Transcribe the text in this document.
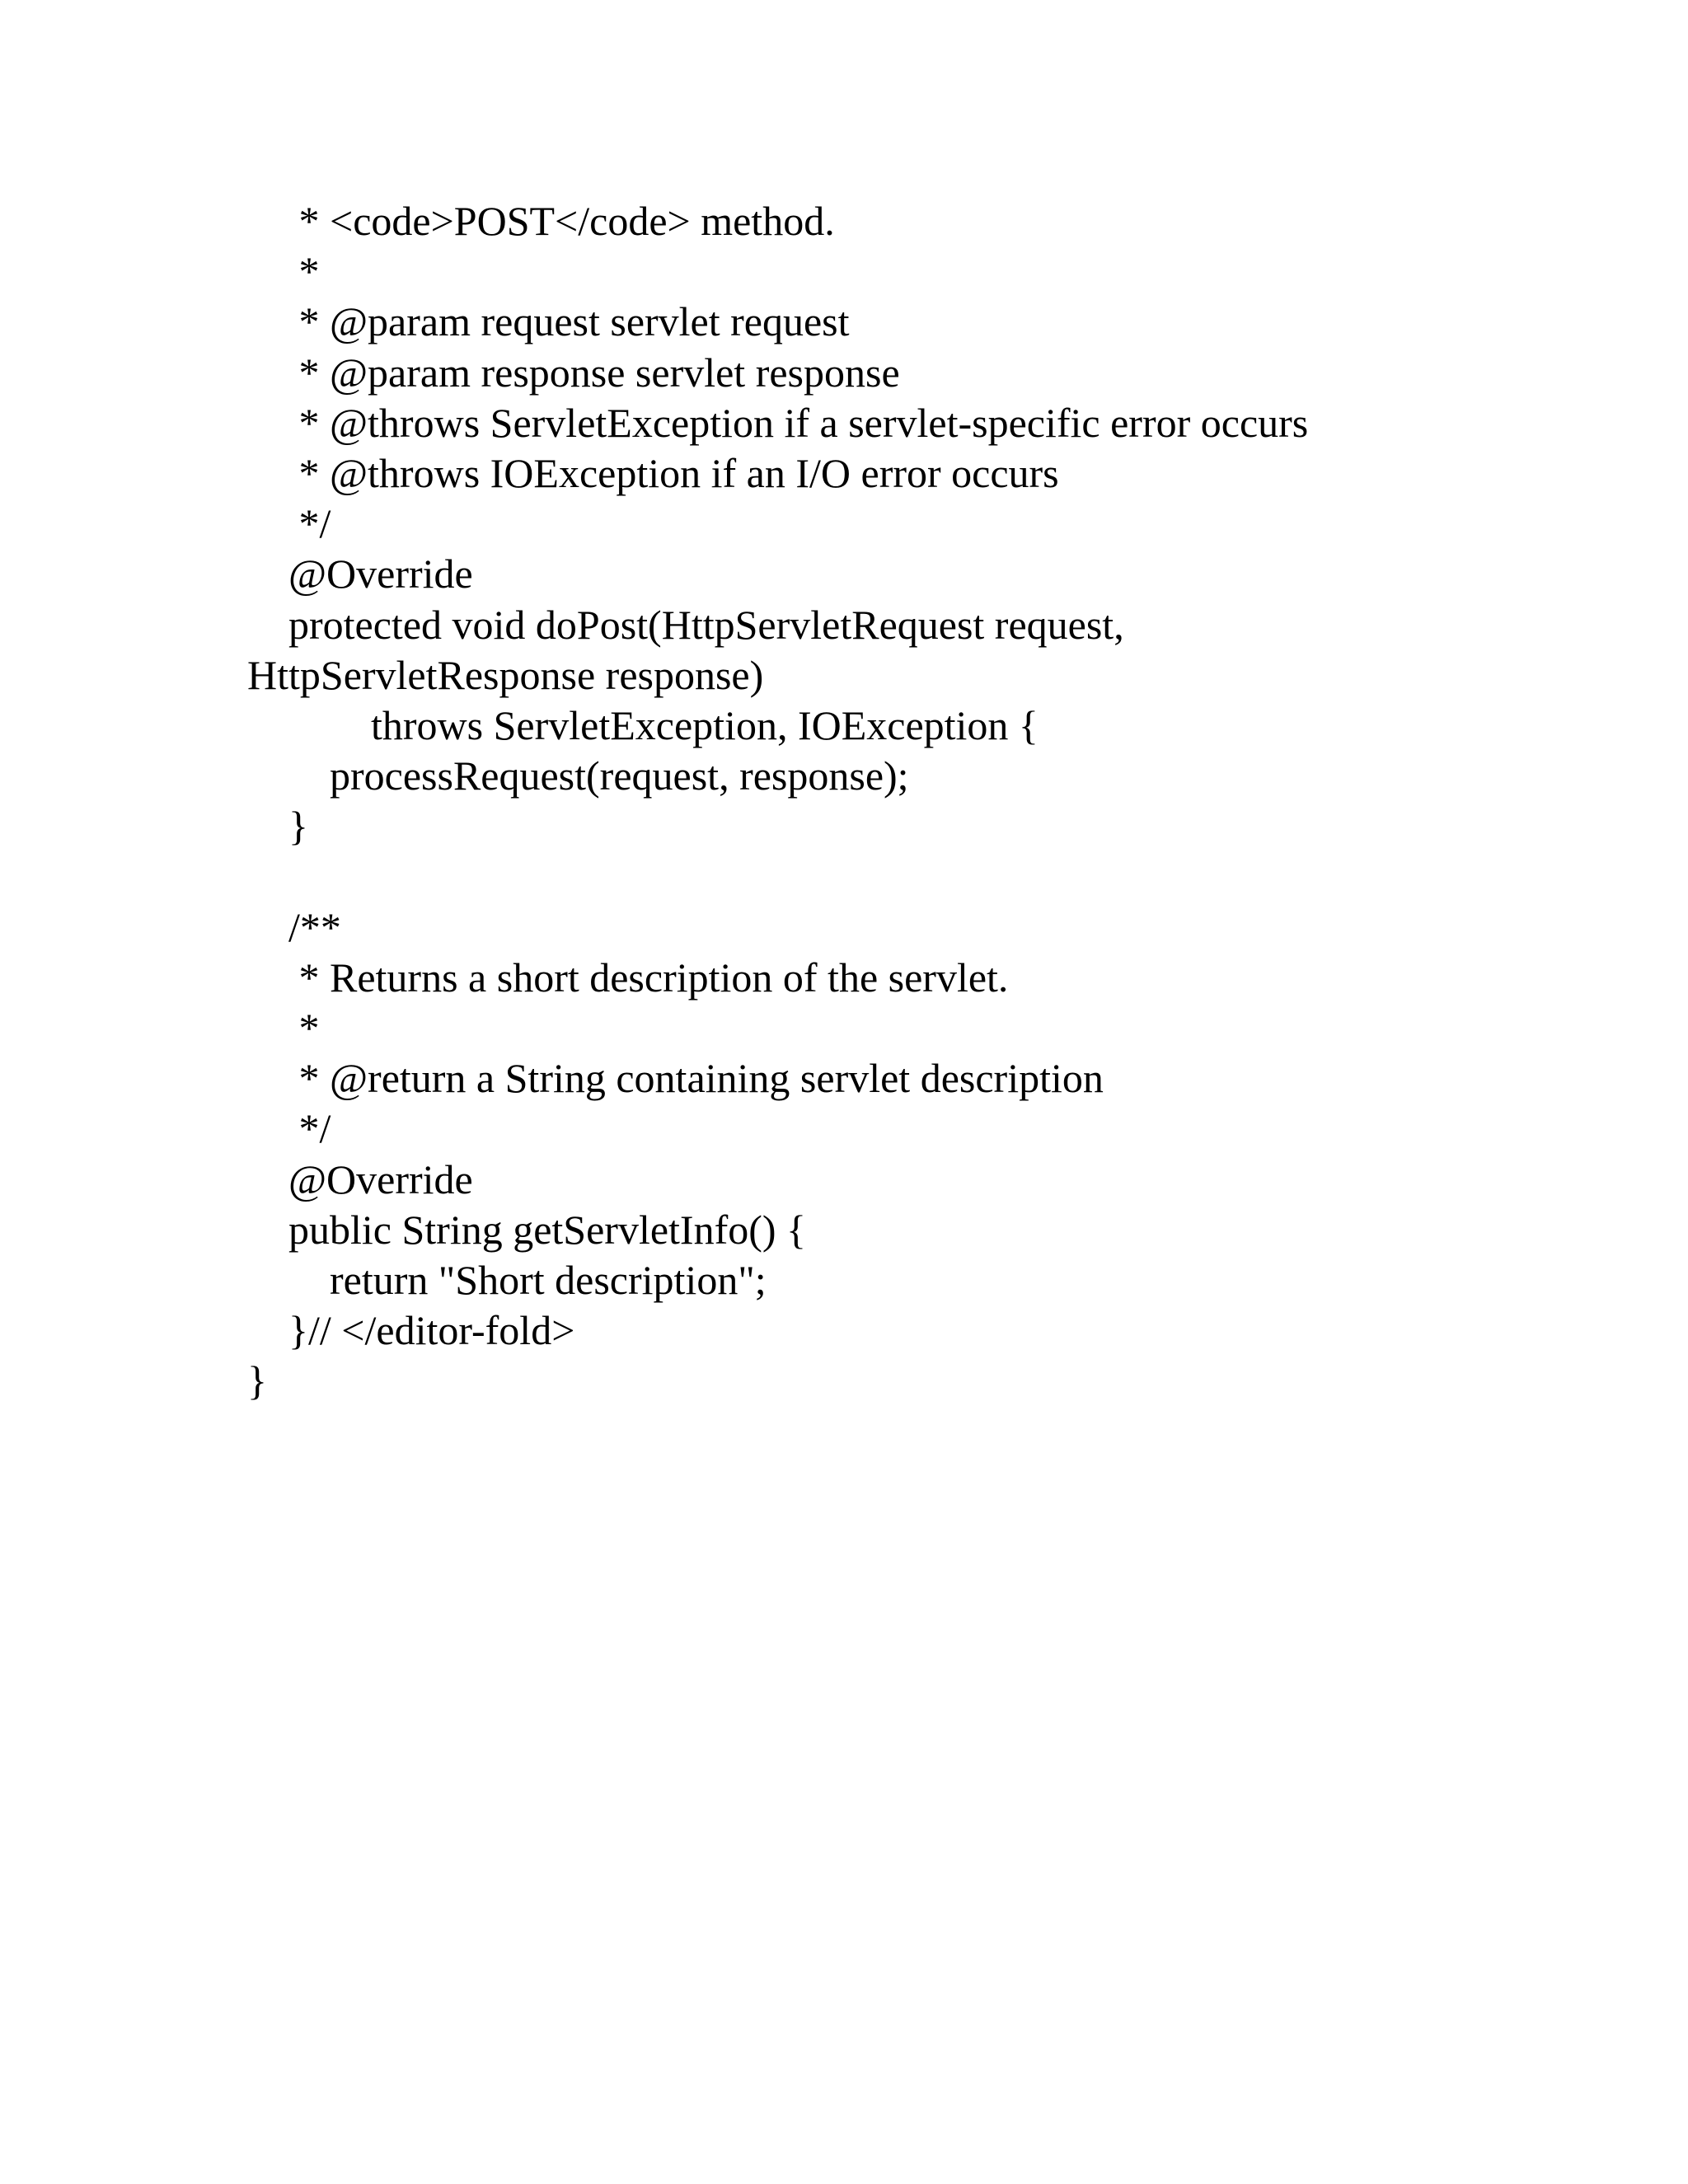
* <code>POST</code> method.
*
* @param request servlet request
* @param response servlet response
* @throws ServletException if a servlet-specific error occurs
* @throws IOException if an I/O error occurs
*/
@Override
protected void doPost(HttpServletRequest request,
HttpServletResponse response)
throws ServletException, IOException {
processRequest(request, response);
}
/**
* Returns a short description of the servlet.
*
* @return a String containing servlet description
*/
@Override
public String getServletInfo() {
return "Short description";
}// </editor-fold>
}
